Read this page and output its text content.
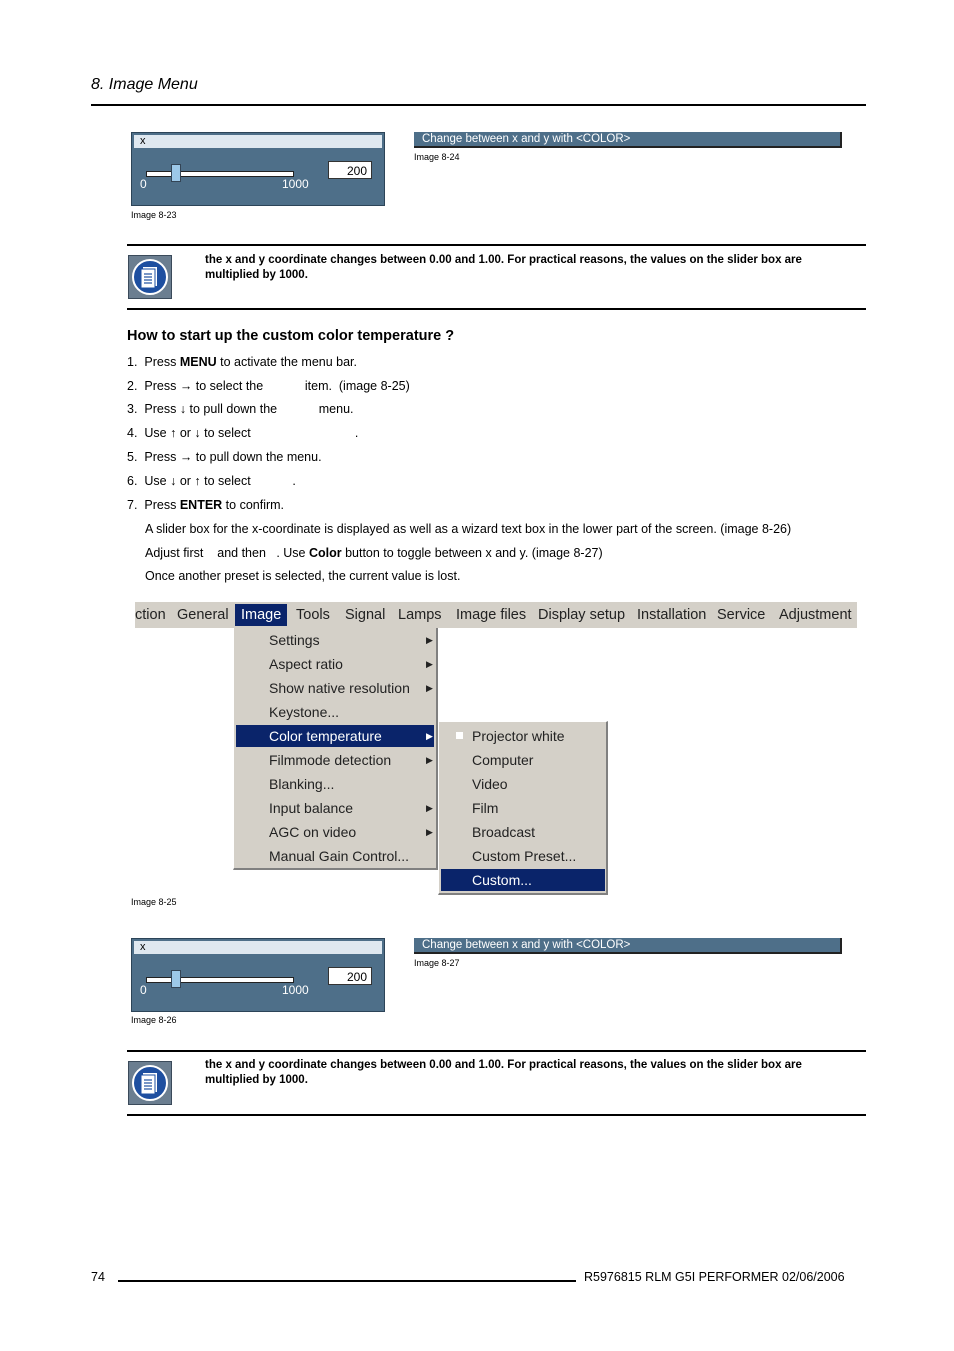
8. Image Menu
x
0	1000
200
Image 8-23
Change between x and y with <COLOR>
Image 8-24
the x and y coordinate changes between 0.00 and 1.00. For practical reasons, the values on the slider box are
multiplied by 1000.
How to start up the custom color temperature ?
1. Press MENU to activate the menu bar.
2. Press → to select the            item.  (image 8-25)
3. Press ↓ to pull down the            menu.
4. Use ↑ or ↓ to select                              .
5. Press → to pull down the menu.
6. Use ↓ or ↑ to select            .
7. Press ENTER to confirm.
A slider box for the x-coordinate is displayed as well as a wizard text box in the lower part of the screen. (image 8-26)
Adjust first    and then   . Use Color button to toggle between x and y. (image 8-27)
Once another preset is selected, the current value is lost.
ction General Image	Tools Signal Lamps Image files Display setup Installation Service Adjustment
Settings	▶
Aspect ratio	▶
Show native resolution ▶
Keystone...
Color temperature	▶
Filmmode detection	▶
Blanking...
Input balance	▶
AGC on video	▶
Manual Gain Control...
Projector white
Computer
Video
Film
Broadcast
Custom Preset...
Custom...
Image 8-25
x
0	1000
200
Image 8-26
Change between x and y with <COLOR>
Image 8-27
the x and y coordinate changes between 0.00 and 1.00. For practical reasons, the values on the slider box are
multiplied by 1000.
74	R5976815 RLM G5I PERFORMER 02/06/2006
